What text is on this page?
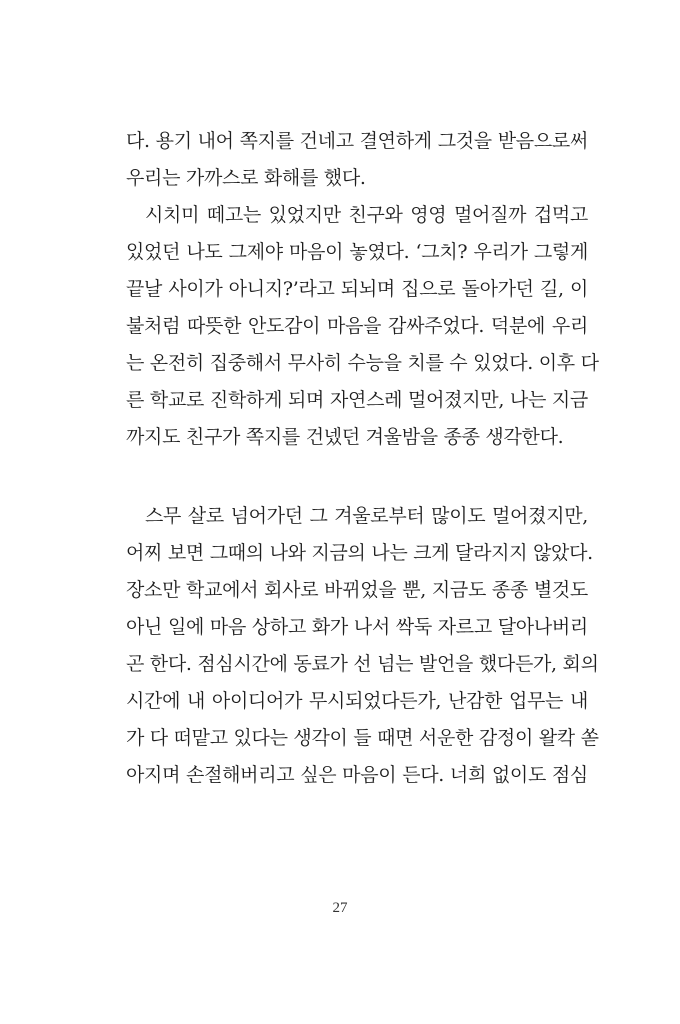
다. 용기 내어 쪽지를 건네고 결연하게 그것을 받음으로써
우리는 가까스로 화해를 했다.
시치미 떼고는 있었지만 친구와 영영 멀어질까 겁먹고
있었던 나도 그제야 마음이 놓였다. ‘그치? 우리가 그렇게
끝날 사이가 아니지?’라고 되뇌며 집으로 돌아가던 길, 이
불처럼 따뜻한 안도감이 마음을 감싸주었다. 덕분에 우리
는 온전히 집중해서 무사히 수능을 치를 수 있었다. 이후 다
른 학교로 진학하게 되며 자연스레 멀어졌지만, 나는 지금
까지도 친구가 쪽지를 건넸던 겨울밤을 종종 생각한다.
스무 살로 넘어가던 그 겨울로부터 많이도 멀어졌지만,
어찌 보면 그때의 나와 지금의 나는 크게 달라지지 않았다.
장소만 학교에서 회사로 바뀌었을 뿐, 지금도 종종 별것도
아닌 일에 마음 상하고 화가 나서 싹둑 자르고 달아나버리
곤 한다. 점심시간에 동료가 선 넘는 발언을 했다든가, 회의
시간에 내 아이디어가 무시되었다든가, 난감한 업무는 내
가 다 떠맡고 있다는 생각이 들 때면 서운한 감정이 왈칵 쏟
아지며 손절해버리고 싶은 마음이 든다. 너희 없이도 점심
27
